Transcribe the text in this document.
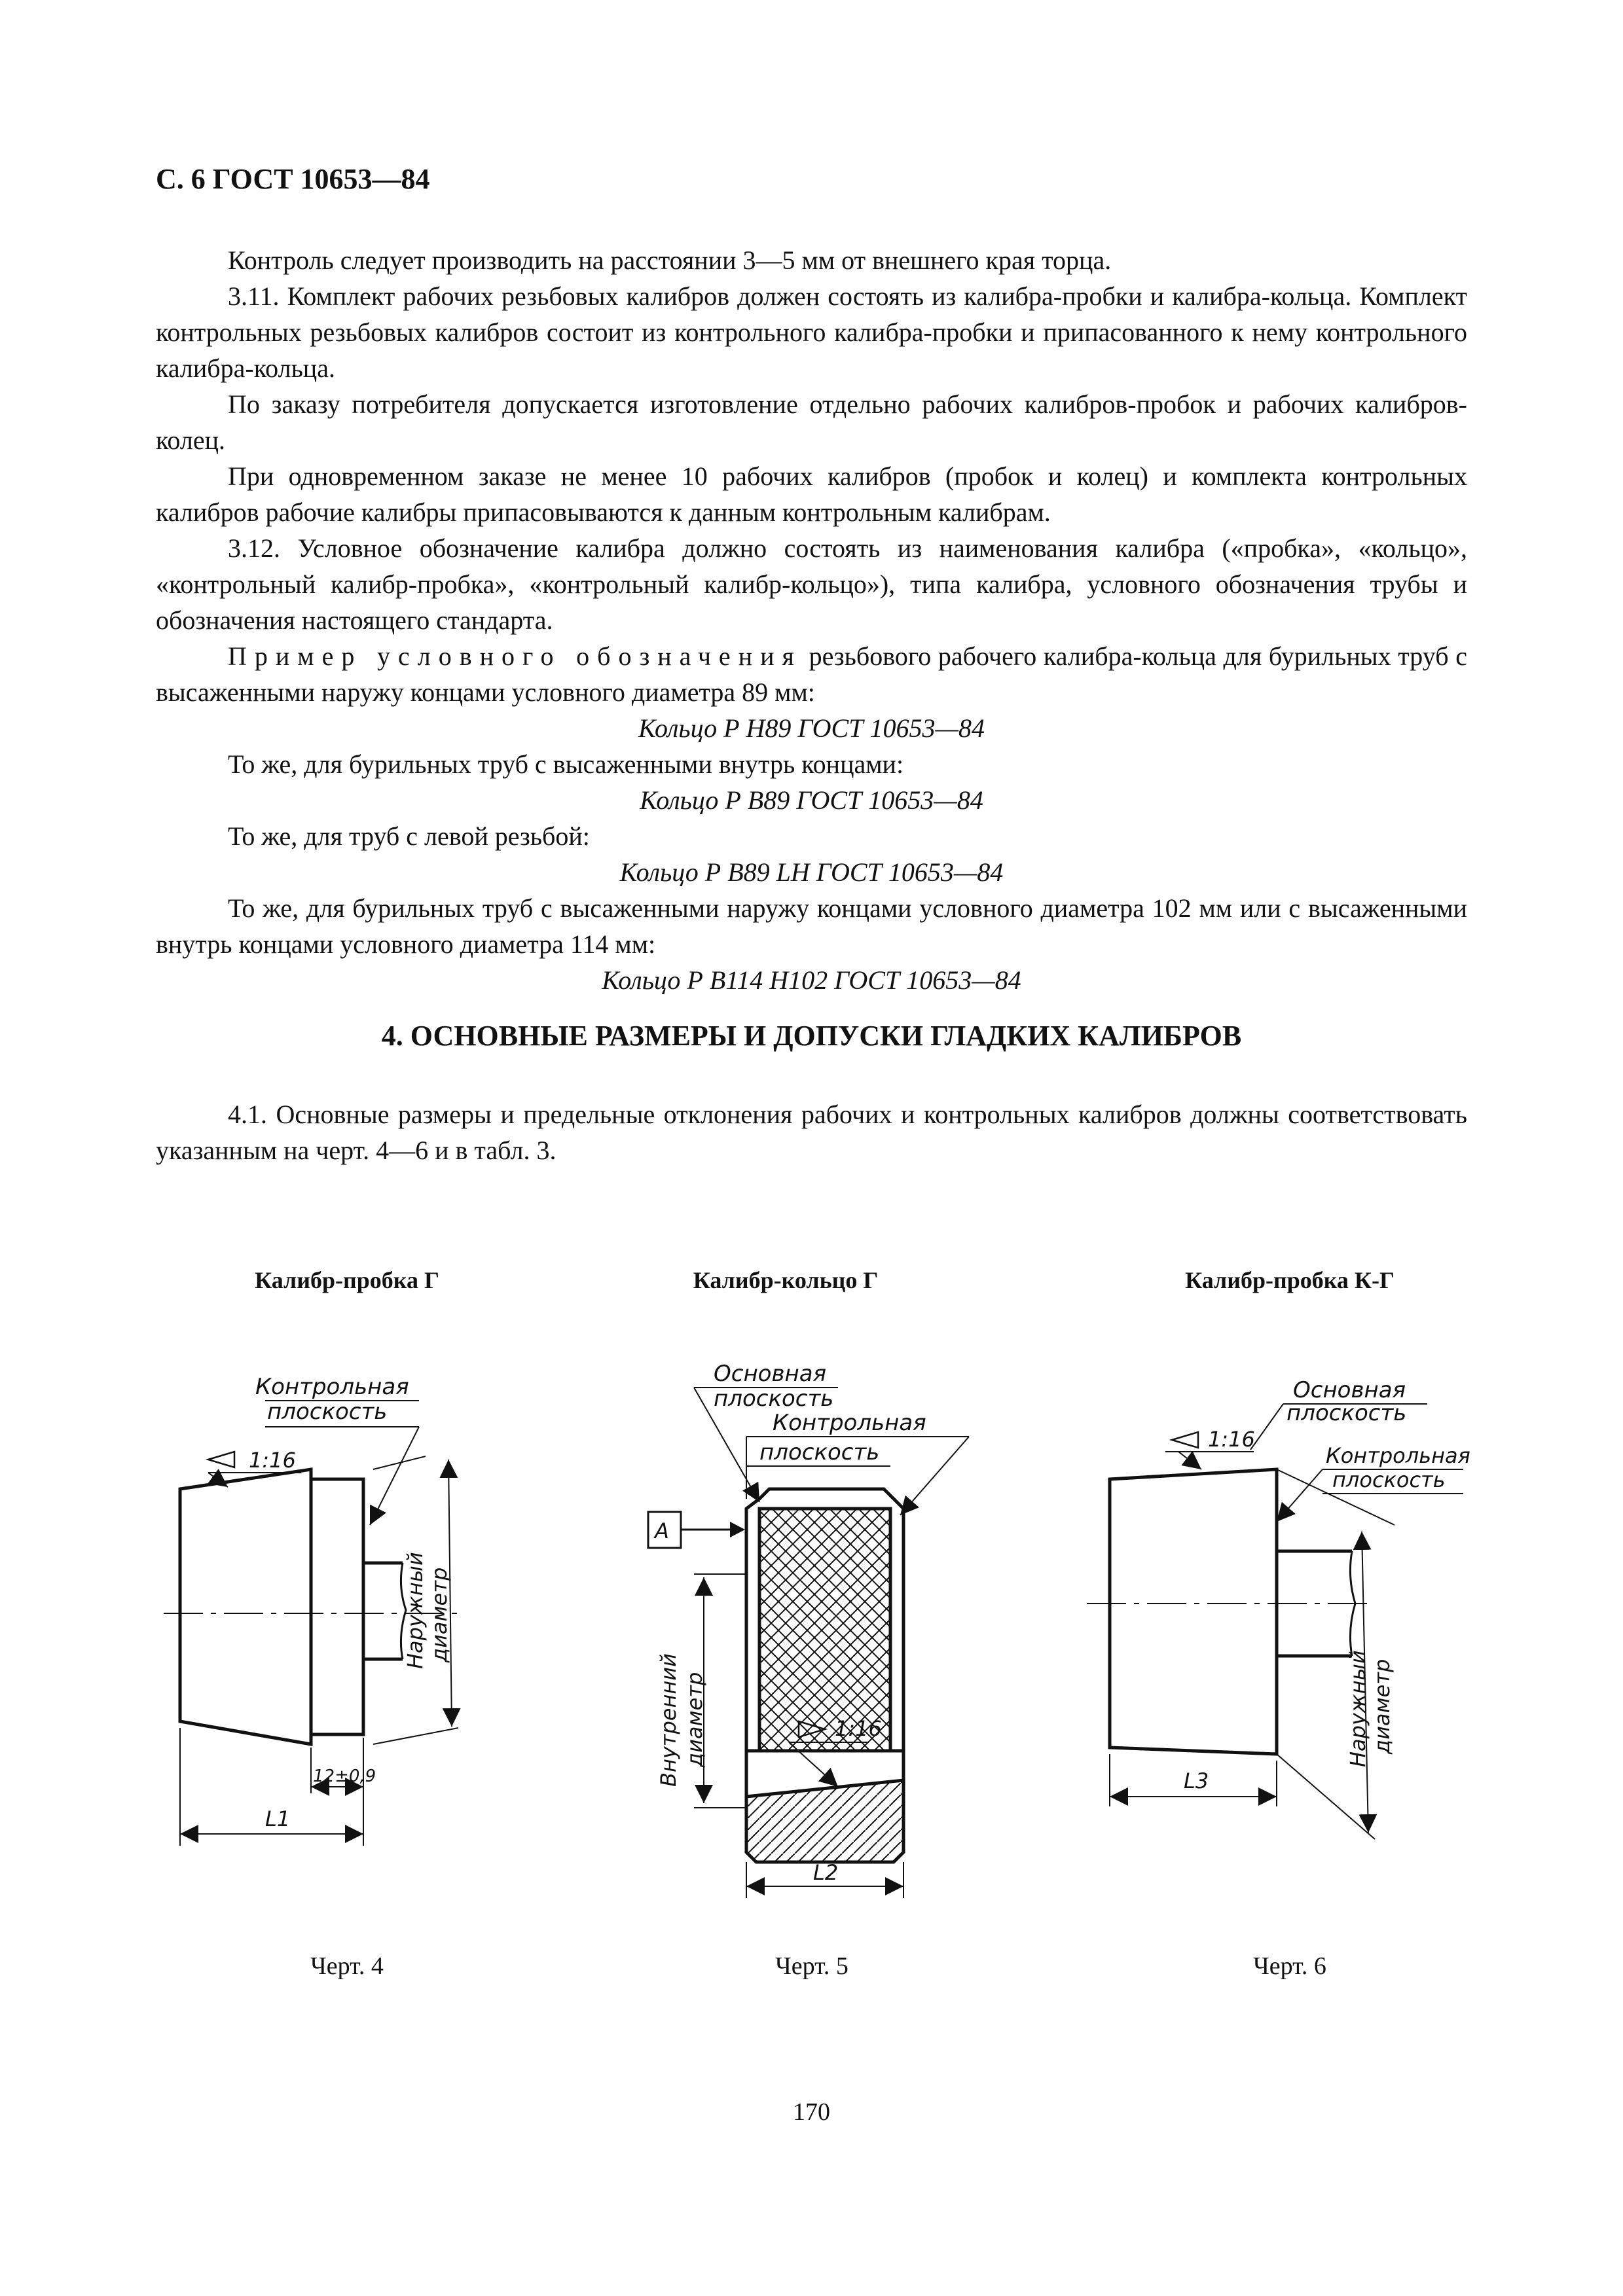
С. 6 ГОСТ 10653—84

Контроль следует производить на расстоянии 3—5 мм от внешнего края торца.

3.11. Комплект рабочих резьбовых калибров должен состоять из калибра-пробки и калибра-кольца. Комплект контрольных резьбовых калибров состоит из контрольного калибра-пробки и припасованного к нему контрольного калибра-кольца.

По заказу потребителя допускается изготовление отдельно рабочих калибров-пробок и рабочих калибров-колец.

При одновременном заказе не менее 10 рабочих калибров (пробок и колец) и комплекта контрольных калибров рабочие калибры припасовываются к данным контрольным калибрам.

3.12. Условное обозначение калибра должно состоять из наименования калибра («пробка», «кольцо», «контрольный калибр-пробка», «контрольный калибр-кольцо»), типа калибра, условного обозначения трубы и обозначения настоящего стандарта.

Пример условного обозначения резьбового рабочего калибра-кольца для бурильных труб с высаженными наружу концами условного диаметра 89 мм:

Кольцо Р Н89 ГОСТ 10653—84

То же, для бурильных труб с высаженными внутрь концами:

Кольцо Р В89 ГОСТ 10653—84

То же, для труб с левой резьбой:

Кольцо Р В89 LH ГОСТ 10653—84

То же, для бурильных труб с высаженными наружу концами условного диаметра 102 мм или с высаженными внутрь концами условного диаметра 114 мм:

Кольцо Р В114 Н102 ГОСТ 10653—84

4. ОСНОВНЫЕ РАЗМЕРЫ И ДОПУСКИ ГЛАДКИХ КАЛИБРОВ

4.1. Основные размеры и предельные отклонения рабочих и контрольных калибров должны соответствовать указанным на черт. 4—6 и в табл. 3.

Калибр-пробка Г	Калибр-кольцо Г	Калибр-пробка К-Г
Контрольная
плоскость
1:16
Наружный диаметр
12±0,9
L1
Основная
плоскость
Контрольная
плоскость
А
Внутренний диаметр	1:16
L2
Основная
плоскость
1:16
Контрольная
плоскость
Наружный диаметр
L3
Черт. 4	Черт. 5	Черт. 6
170
